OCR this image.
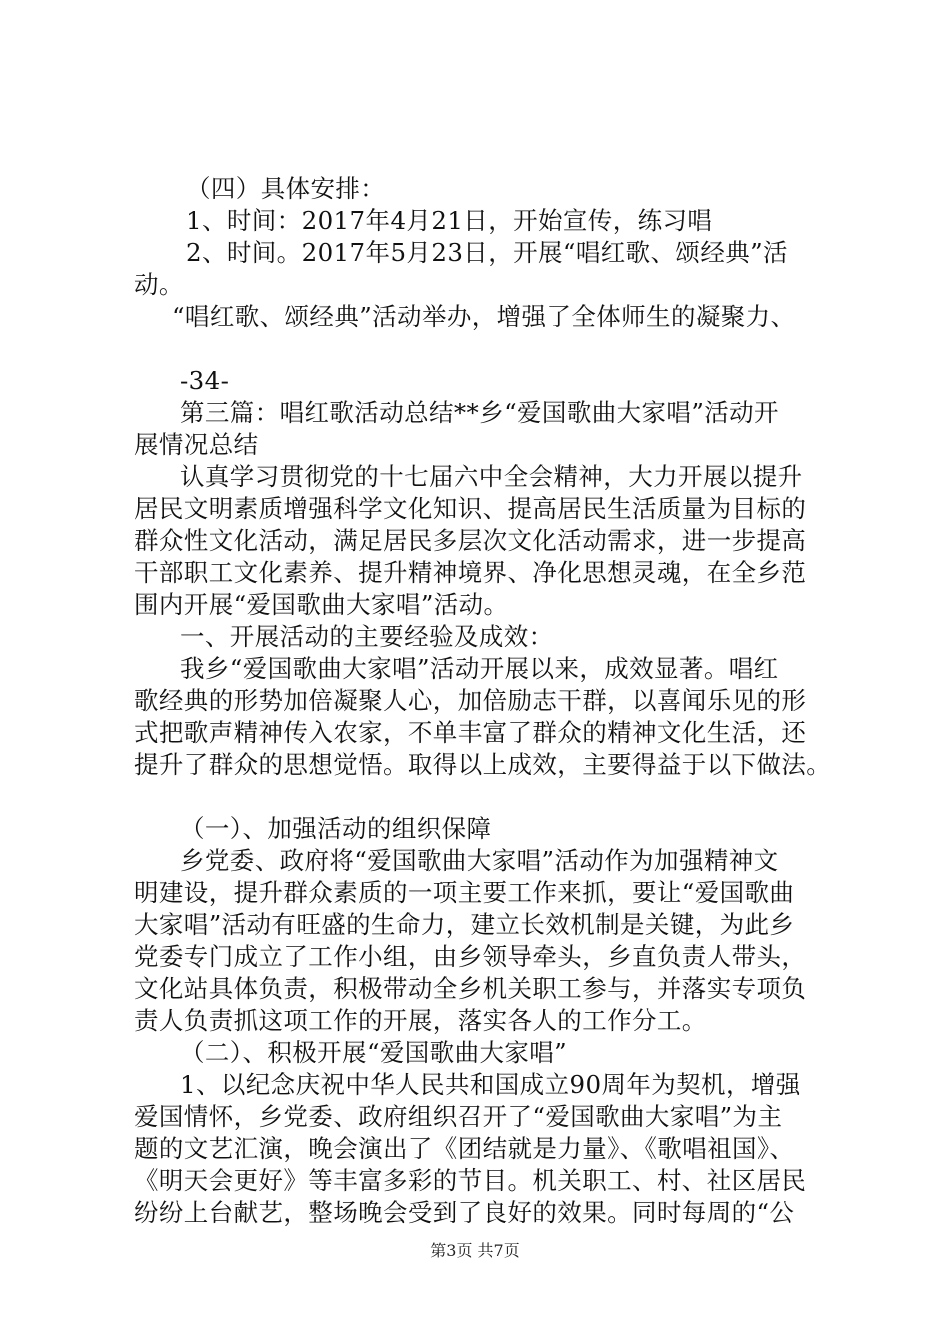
（四）具体安排：
1、时间：2017年4月21日，开始宣传，练习唱
2、时间。2017年5月23日，开展“唱红歌、颂经典”活
动。
“唱红歌、颂经典”活动举办，增强了全体师生的凝聚力、
-34-
第三篇：唱红歌活动总结**乡“爱国歌曲大家唱”活动开
展情况总结
认真学习贯彻党的十七届六中全会精神，大力开展以提升
居民文明素质增强科学文化知识、提高居民生活质量为目标的
群众性文化活动，满足居民多层次文化活动需求，进一步提高
干部职工文化素养、提升精神境界、净化思想灵魂，在全乡范
围内开展“爱国歌曲大家唱”活动。
一、开展活动的主要经验及成效：
我乡“爱国歌曲大家唱”活动开展以来，成效显著。唱红
歌经典的形势加倍凝聚人心，加倍励志干群，以喜闻乐见的形
式把歌声精神传入农家，不单丰富了群众的精神文化生活，还
提升了群众的思想觉悟。取得以上成效，主要得益于以下做法。
（一）、加强活动的组织保障
乡党委、政府将“爱国歌曲大家唱”活动作为加强精神文
明建设，提升群众素质的一项主要工作来抓，要让“爱国歌曲
大家唱”活动有旺盛的生命力，建立长效机制是关键，为此乡
党委专门成立了工作小组，由乡领导牵头，乡直负责人带头，
文化站具体负责，积极带动全乡机关职工参与，并落实专项负
责人负责抓这项工作的开展，落实各人的工作分工。
（二）、积极开展“爱国歌曲大家唱”
1、以纪念庆祝中华人民共和国成立90周年为契机，增强
爱国情怀，乡党委、政府组织召开了“爱国歌曲大家唱”为主
题的文艺汇演，晚会演出了《团结就是力量》、《歌唱祖国》、
《明天会更好》等丰富多彩的节目。机关职工、村、社区居民
纷纷上台献艺，整场晚会受到了良好的效果。同时每周的“公
第3页 共7页
